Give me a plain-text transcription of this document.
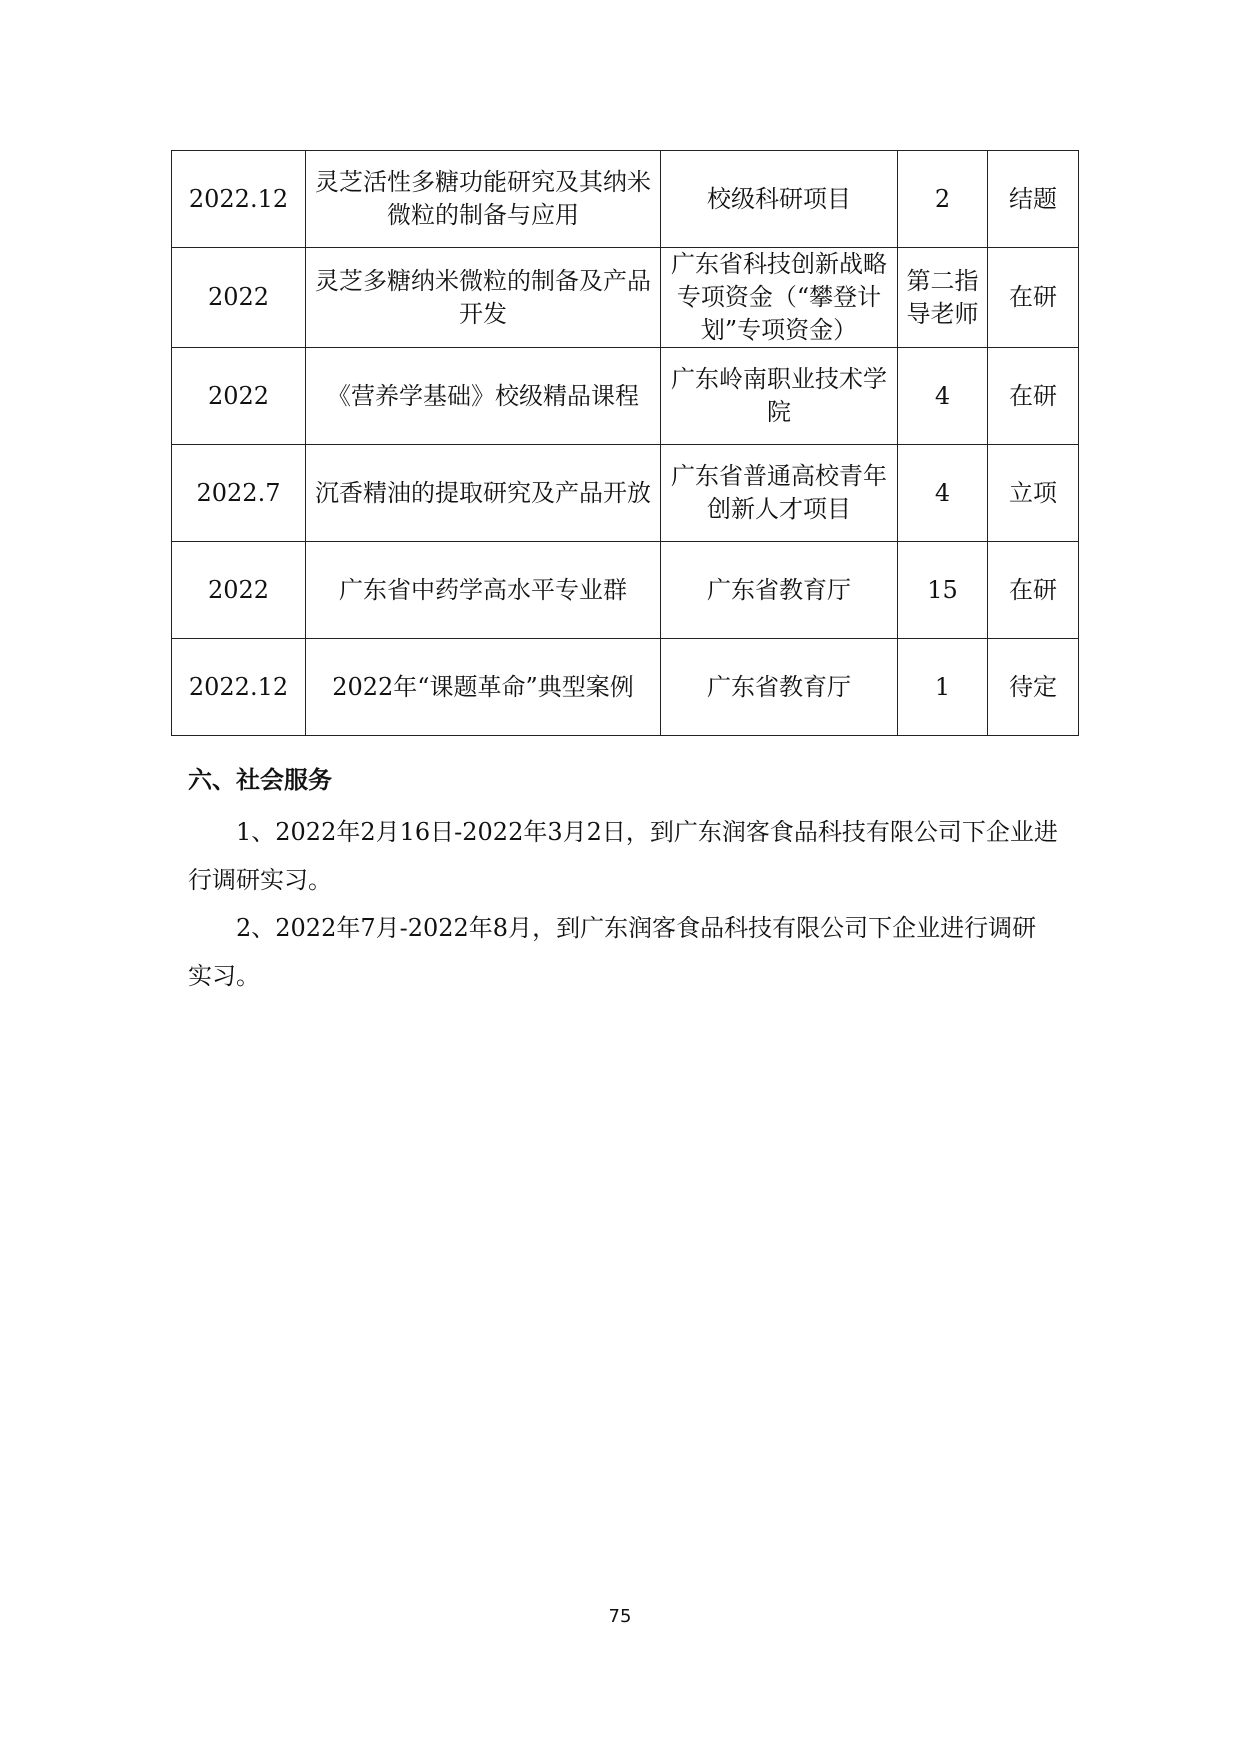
2022.12	灵芝活性多糖功能研究及其纳米微粒的制备与应用	校级科研项目	2	结题
2022	灵芝多糖纳米微粒的制备及产品开发	广东省科技创新战略专项资金（“攀登计划”专项资金）	第二指导老师	在研
2022	《营养学基础》校级精品课程	广东岭南职业技术学院	4	在研
2022.7	沉香精油的提取研究及产品开放	广东省普通高校青年创新人才项目	4	立项
2022	广东省中药学高水平专业群	广东省教育厅	15	在研
2022.12	2022年“课题革命”典型案例	广东省教育厅	1	待定
六、社会服务

1、2022年2月16日-2022年3月2日，到广东润客食品科技有限公司下企业进行调研实习。

2、2022年7月-2022年8月，到广东润客食品科技有限公司下企业进行调研实习。

75
